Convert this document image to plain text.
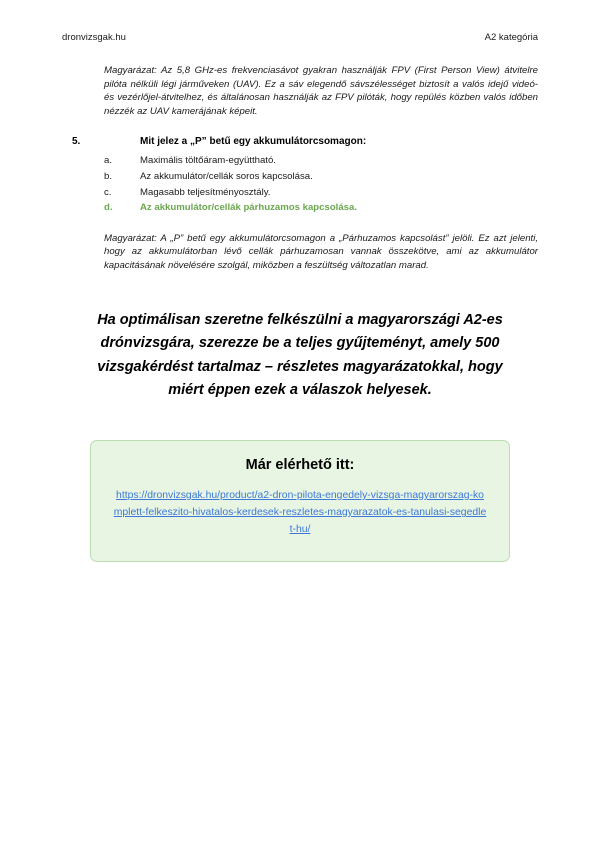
dronvizsgak.hu	A2 kategória

Magyarázat: Az 5,8 GHz-es frekvenciasávot gyakran használják FPV (First Person View) átvitelre pilóta nélküli légi járműveken (UAV). Ez a sáv elegendő sávszélességet biztosít a valós idejű videó- és vezérlőjel-átvitelhez, és általánosan használják az FPV pilóták, hogy repülés közben valós időben nézzék az UAV kamerájának képeit.

5.	Mit jelez a „P” betű egy akkumulátorcsomagon:

a.	Maximális töltőáram-együttható.
b.	Az akkumulátor/cellák soros kapcsolása.
c.	Magasabb teljesítményosztály.
d.	Az akkumulátor/cellák párhuzamos kapcsolása.

Magyarázat: A „P” betű egy akkumulátorcsomagon a „Párhuzamos kapcsolást” jelöli. Ez azt jelenti, hogy az akkumulátorban lévő cellák párhuzamosan vannak összekötve, ami az akkumulátor kapacitásának növelésére szolgál, miközben a feszültség változatlan marad.

Ha optimálisan szeretne felkészülni a magyarországi A2-es drónvizsgára, szerezze be a teljes gyűjteményt, amely 500 vizsgakérdést tartalmaz – részletes magyarázatokkal, hogy miért éppen ezek a válaszok helyesek.

Már elérhető itt:
https://dronvizsgak.hu/product/a2-dron-pilota-engedely-vizsga-magyarorszag-komplett-felkeszito-hivatalos-kerdesek-reszletes-magyarazatok-es-tanulasi-segedlet-hu/
